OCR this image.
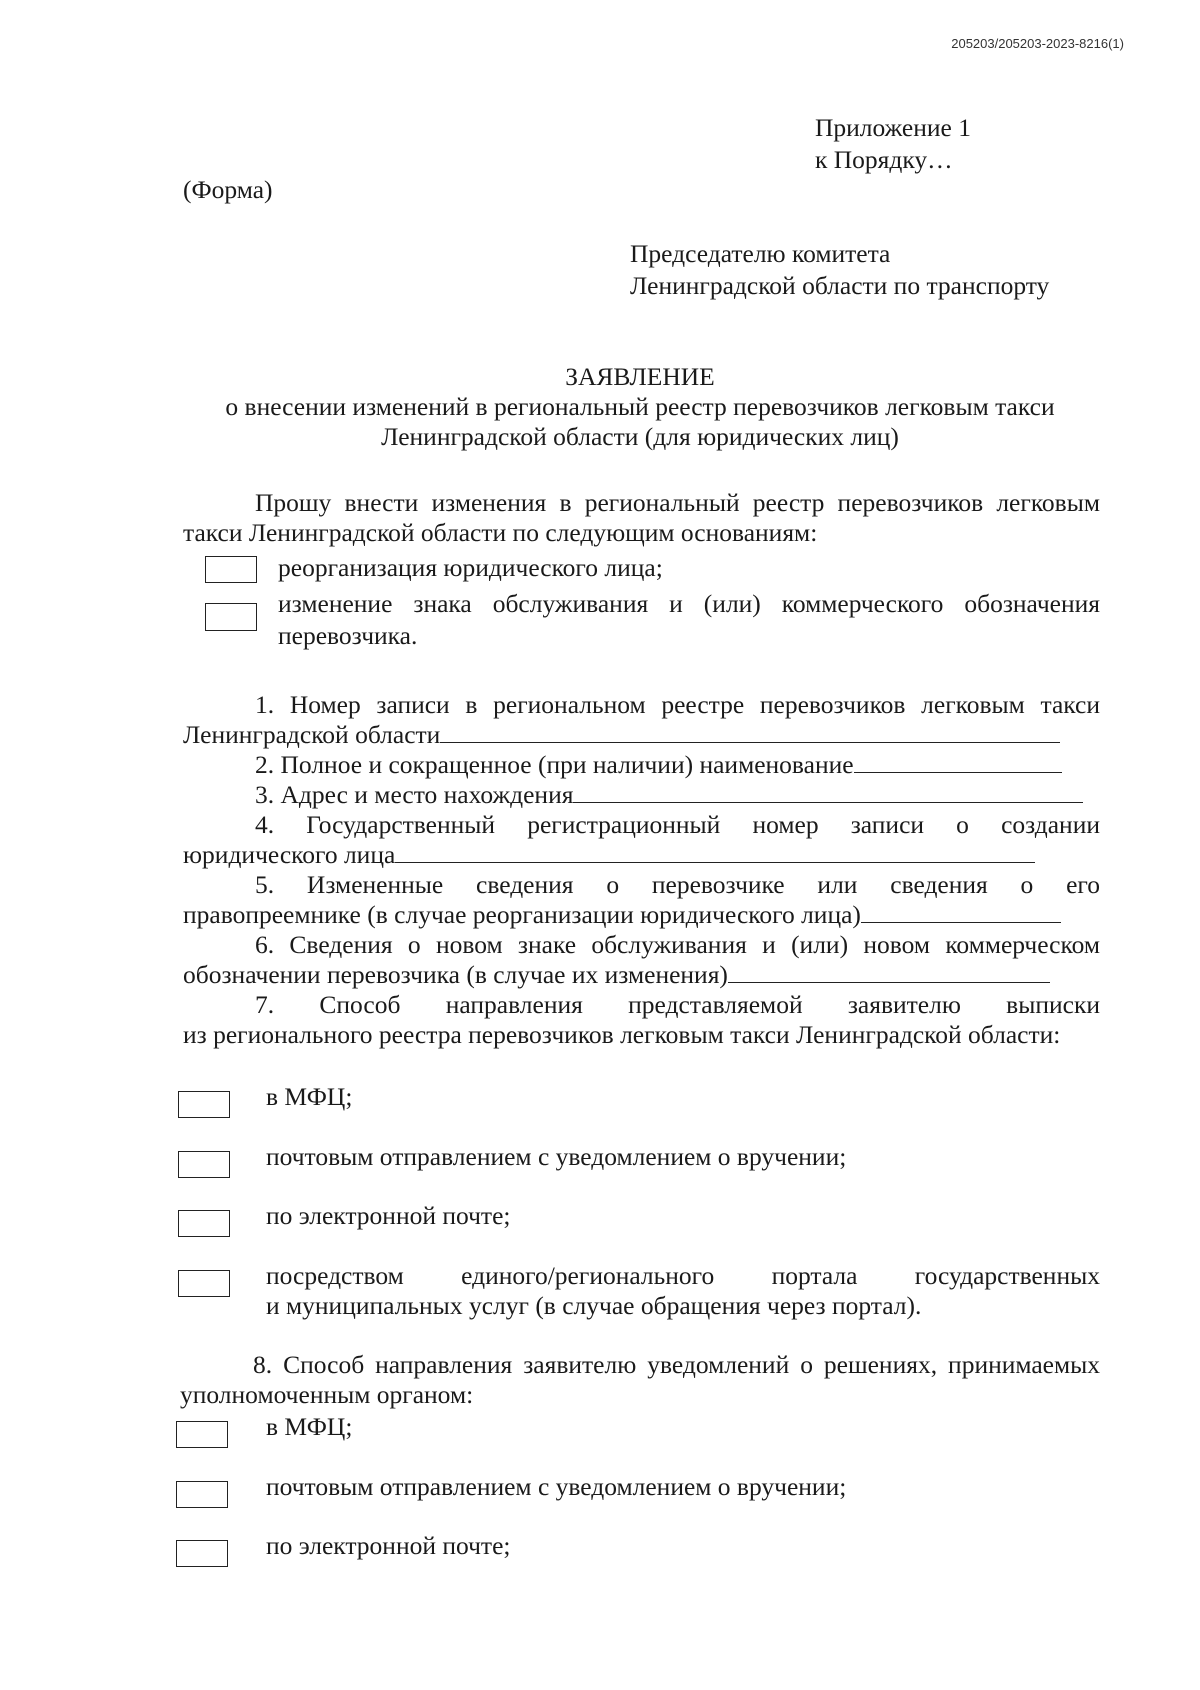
205203/205203-2023-8216(1)
Приложение 1
к Порядку…
(Форма)
Председателю комитета
Ленинградской области по транспорту
ЗАЯВЛЕНИЕ
о внесении изменений в региональный реестр перевозчиков легковым такси
Ленинградской области (для юридических лиц)
Прошу внести изменения в региональный реестр перевозчиков легковым
такси Ленинградской области по следующим основаниям:
реорганизация юридического лица;
изменение знака обслуживания и (или) коммерческого обозначения
перевозчика.
1. Номер записи в региональном реестре перевозчиков легковым такси
Ленинградской области
2. Полное и сокращенное (при наличии) наименование
3. Адрес и место нахождения
4. Государственный регистрационный номер записи о создании
юридического лица
5. Измененные сведения о перевозчике или сведения о его
правопреемнике (в случае реорганизации юридического лица)
6. Сведения о новом знаке обслуживания и (или) новом коммерческом
обозначении перевозчика (в случае их изменения)
7. Способ направления представляемой заявителю выписки
из регионального реестра перевозчиков легковым такси Ленинградской области:
в МФЦ;
почтовым отправлением с уведомлением о вручении;
по электронной почте;
посредством единого/регионального портала государственных
и муниципальных услуг (в случае обращения через портал).
8. Способ направления заявителю уведомлений о решениях, принимаемых
уполномоченным органом:
в МФЦ;
почтовым отправлением с уведомлением о вручении;
по электронной почте;
